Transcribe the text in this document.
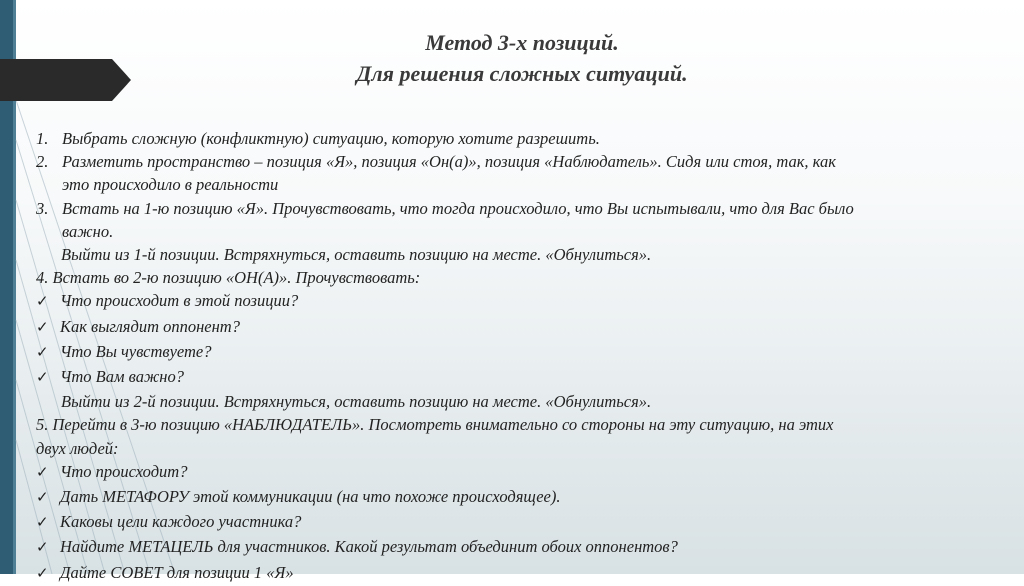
Метод 3-х позиций.
Для решения сложных ситуаций.
1. Выбрать сложную (конфликтную) ситуацию, которую хотите разрешить.
2. Разметить пространство – позиция «Я», позиция «Он(а)», позиция «Наблюдатель». Сидя или стоя, так, как
это происходило в реальности
3. Встать на 1-ю позицию «Я». Прочувствовать, что тогда происходило, что Вы испытывали, что для Вас было
важно.
Выйти из 1-й позиции. Встряхнуться, оставить позицию на месте. «Обнулиться».
4. Встать во 2-ю позицию «ОН(А)». Прочувствовать:
✓ Что происходит в этой позиции?
✓ Как выглядит оппонент?
✓ Что Вы чувствуете?
✓ Что Вам важно?
Выйти из 2-й позиции. Встряхнуться, оставить позицию на месте. «Обнулиться».
5. Перейти в 3-ю позицию «НАБЛЮДАТЕЛЬ». Посмотреть внимательно со стороны на эту ситуацию, на этих
двух людей:
✓ Что происходит?
✓ Дать МЕТАФОРУ этой коммуникации (на что похоже происходящее).
✓ Каковы цели каждого участника?
✓ Найдите МЕТАЦЕЛЬ для участников. Какой результат объединит обоих оппонентов?
✓ Дайте СОВЕТ для позиции 1 «Я»
